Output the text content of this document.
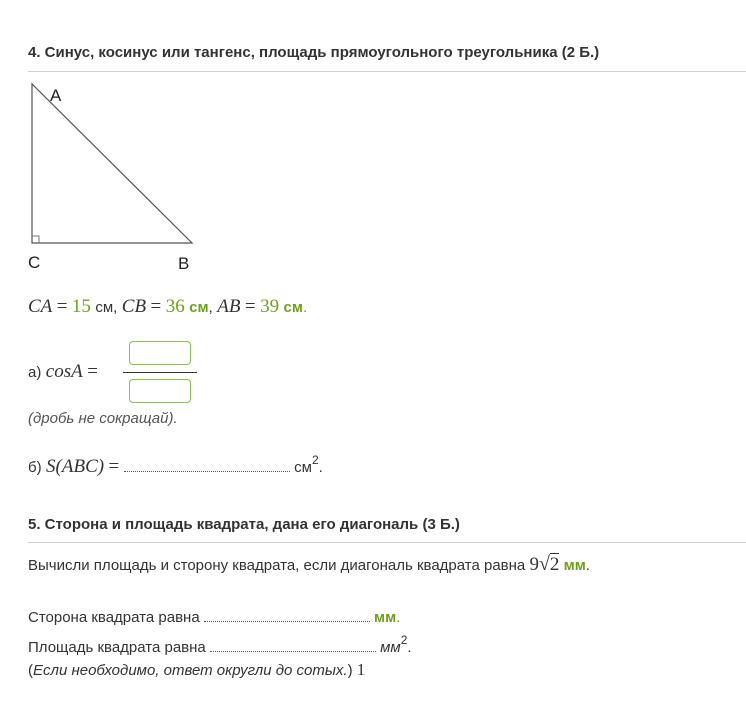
4. Синус, косинус или тангенс, площадь прямоугольного треугольника (2 Б.)
A
C	B
CA = 15 см, CB = 36 см, AB = 39 см.
а) cosA =
(дробь не сокращай).
б) S(ABC) =	$см^2$.
5. Сторона и площадь квадрата, дана его диагональ (3 Б.)
Вычисли площадь и сторону квадрата, если диагональ квадрата равна 9√2 мм.
Сторона квадрата равна	мм.
Площадь квадрата равна	$мм^2$.
(Если необходимо, ответ округли до сотых.) 1
